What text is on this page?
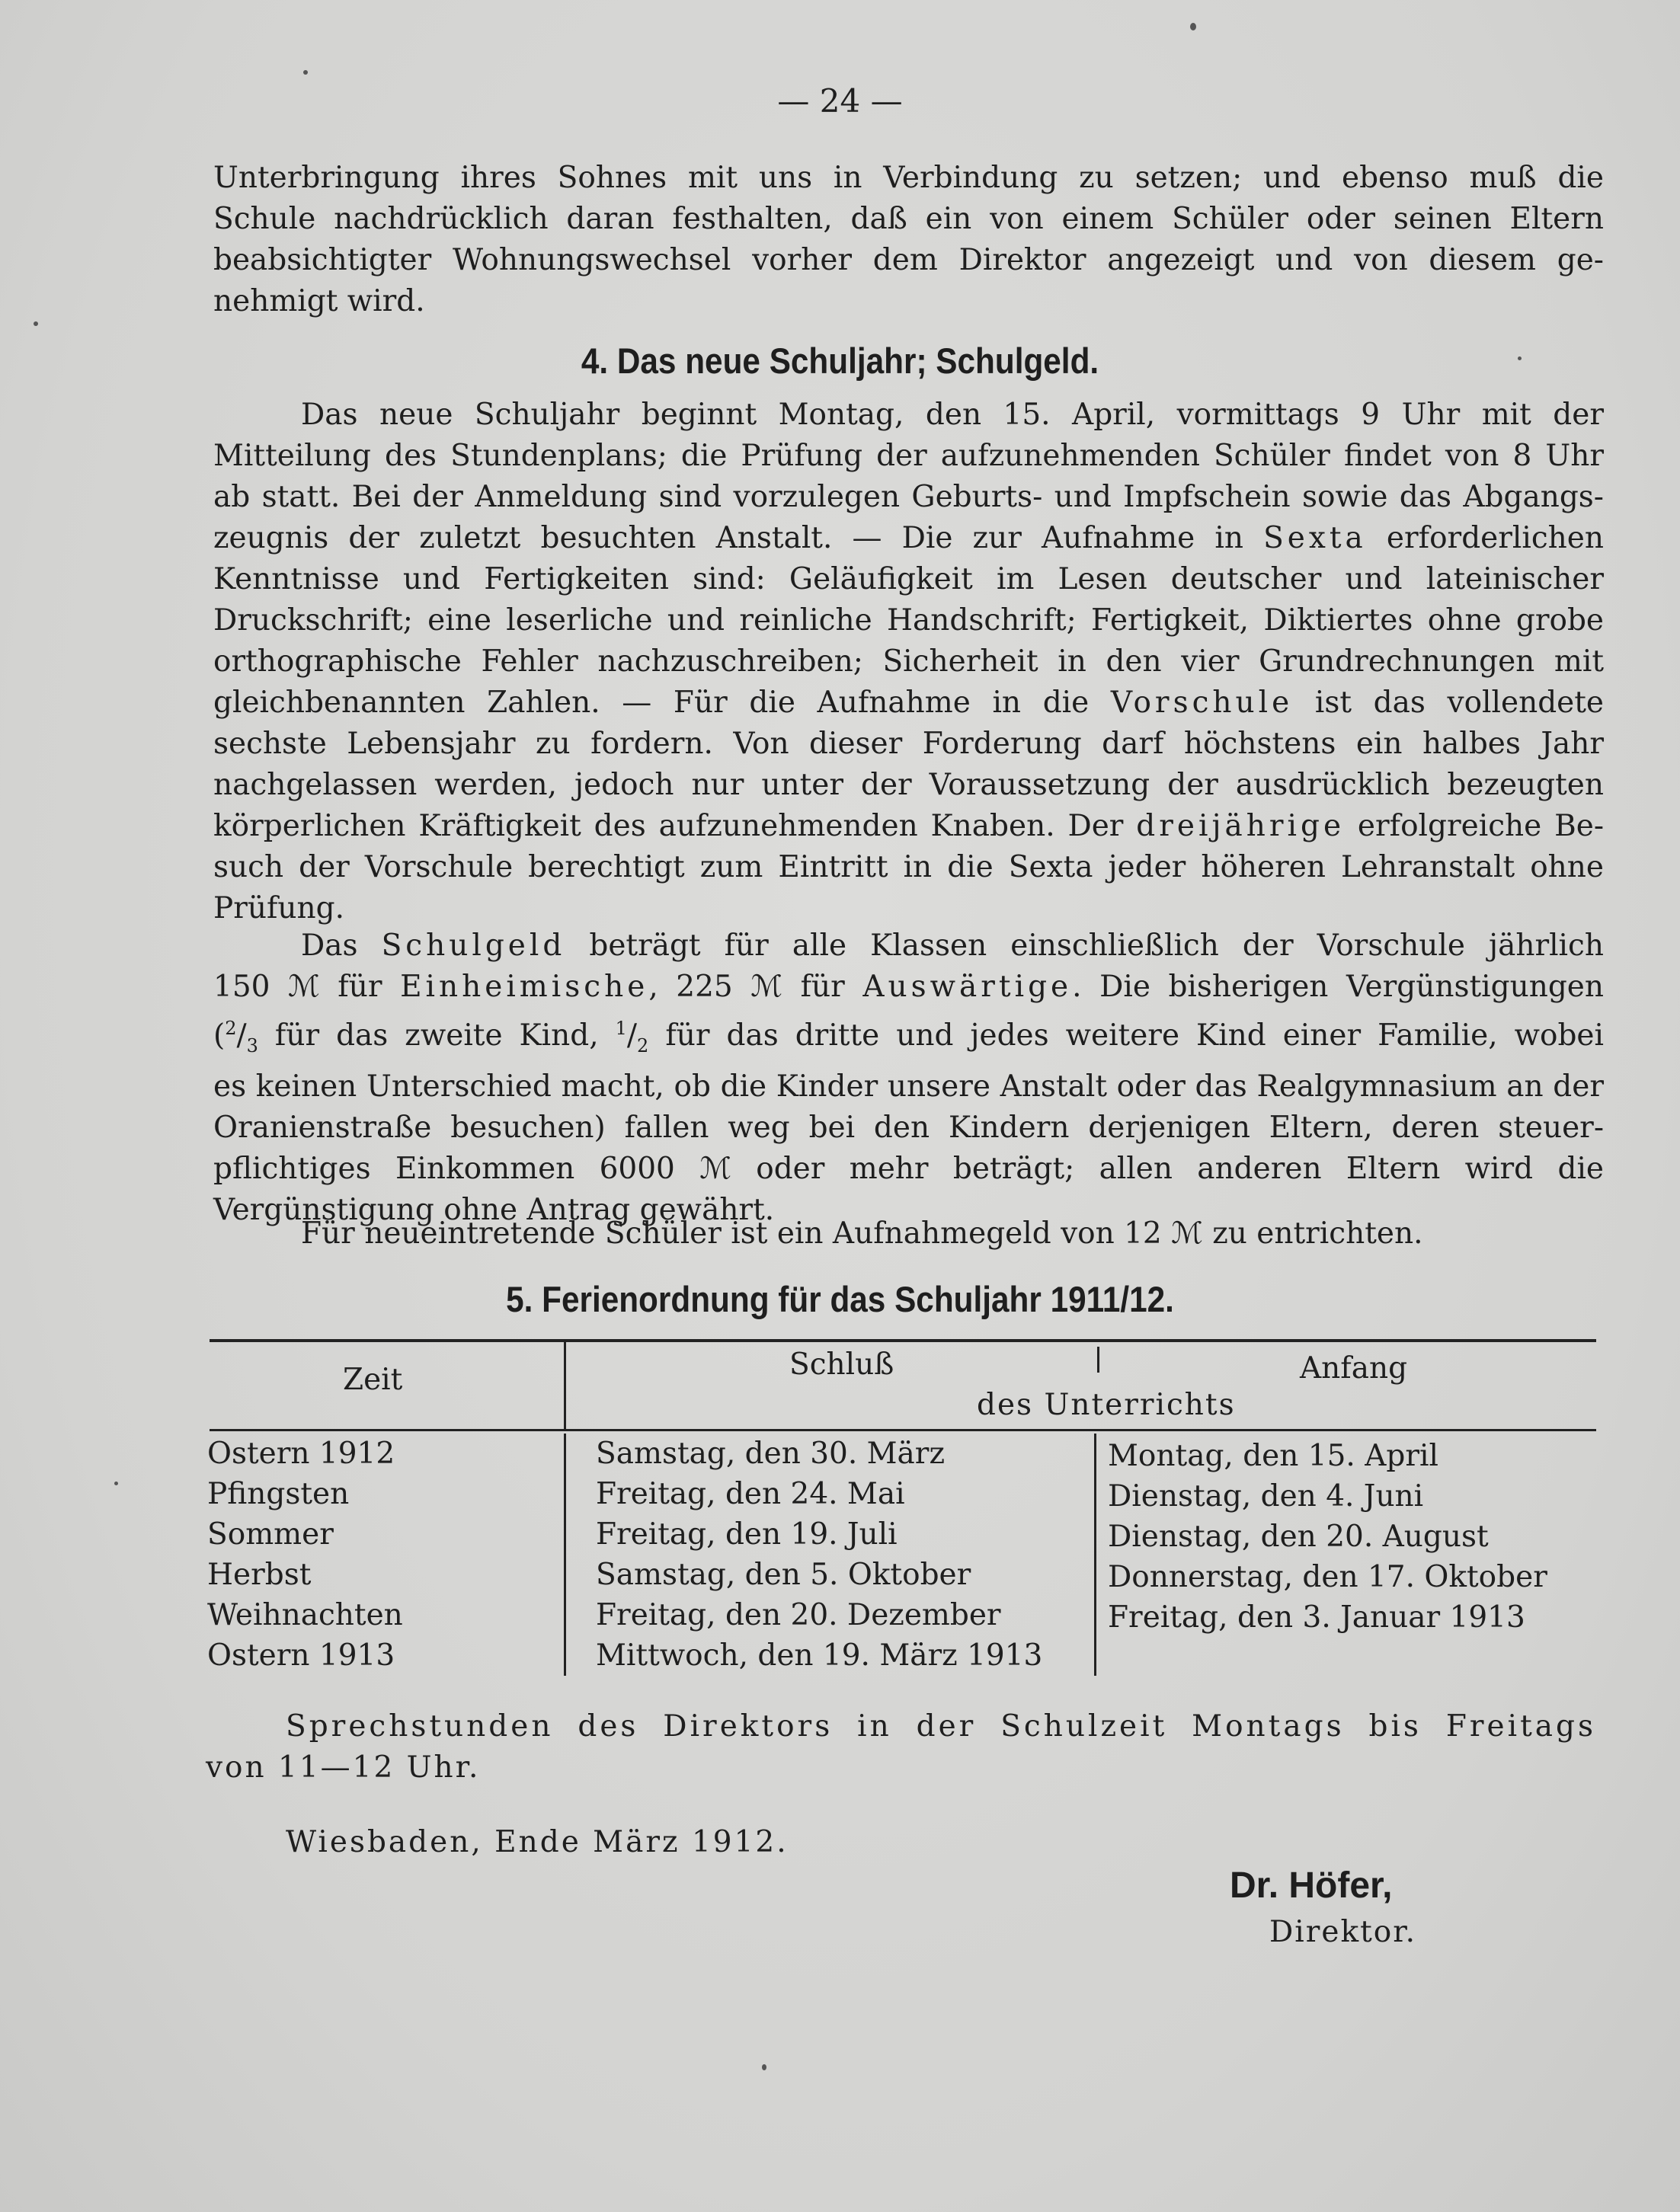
— 24 —
Unterbringung ihres Sohnes mit uns in Verbindung zu setzen; und ebenso muß die
Schule nachdrücklich daran festhalten, daß ein von einem Schüler oder seinen Eltern
beabsichtigter Wohnungswechsel vorher dem Direktor angezeigt und von diesem ge-
nehmigt wird.
4. Das neue Schuljahr; Schulgeld.
Das neue Schuljahr beginnt Montag, den 15. April, vormittags 9 Uhr mit der
Mitteilung des Stundenplans; die Prüfung der aufzunehmenden Schüler findet von 8 Uhr
ab statt. Bei der Anmeldung sind vorzulegen Geburts- und Impfschein sowie das Abgangs-
zeugnis der zuletzt besuchten Anstalt. — Die zur Aufnahme in Sexta erforderlichen
Kenntnisse und Fertigkeiten sind: Geläufigkeit im Lesen deutscher und lateinischer
Druckschrift; eine leserliche und reinliche Handschrift; Fertigkeit, Diktiertes ohne grobe
orthographische Fehler nachzuschreiben; Sicherheit in den vier Grundrechnungen mit
gleichbenannten Zahlen. — Für die Aufnahme in die Vorschule ist das vollendete
sechste Lebensjahr zu fordern. Von dieser Forderung darf höchstens ein halbes Jahr
nachgelassen werden, jedoch nur unter der Voraussetzung der ausdrücklich bezeugten
körperlichen Kräftigkeit des aufzunehmenden Knaben. Der dreijährige erfolgreiche Be-
such der Vorschule berechtigt zum Eintritt in die Sexta jeder höheren Lehranstalt ohne
Prüfung.
Das Schulgeld beträgt für alle Klassen einschließlich der Vorschule jährlich
150 ℳ für Einheimische, 225 ℳ für Auswärtige. Die bisherigen Vergünstigungen
($^2/_3$ für das zweite Kind, $^1/_2$ für das dritte und jedes weitere Kind einer Familie, wobei
es keinen Unterschied macht, ob die Kinder unsere Anstalt oder das Realgymnasium an der
Oranienstraße besuchen) fallen weg bei den Kindern derjenigen Eltern, deren steuer-
pflichtiges Einkommen 6000 ℳ oder mehr beträgt; allen anderen Eltern wird die
Vergünstigung ohne Antrag gewährt.
Für neueintretende Schüler ist ein Aufnahmegeld von 12 ℳ zu entrichten.
5. Ferienordnung für das Schuljahr 1911/12.
Zeit	Schluß	Anfang
des Unterrichts
Ostern 1912	Samstag, den 30. März	Montag, den 15. April
Pfingsten	Freitag, den 24. Mai	Dienstag, den 4. Juni
Sommer	Freitag, den 19. Juli	Dienstag, den 20. August
Herbst	Samstag, den 5. Oktober	Donnerstag, den 17. Oktober
Weihnachten	Freitag, den 20. Dezember	Freitag, den 3. Januar 1913
Ostern 1913	Mittwoch, den 19. März 1913
Sprechstunden des Direktors in der Schulzeit Montags bis Freitags
von 11—12 Uhr.
Wiesbaden, Ende März 1912.
Dr. Höfer,
Direktor.
